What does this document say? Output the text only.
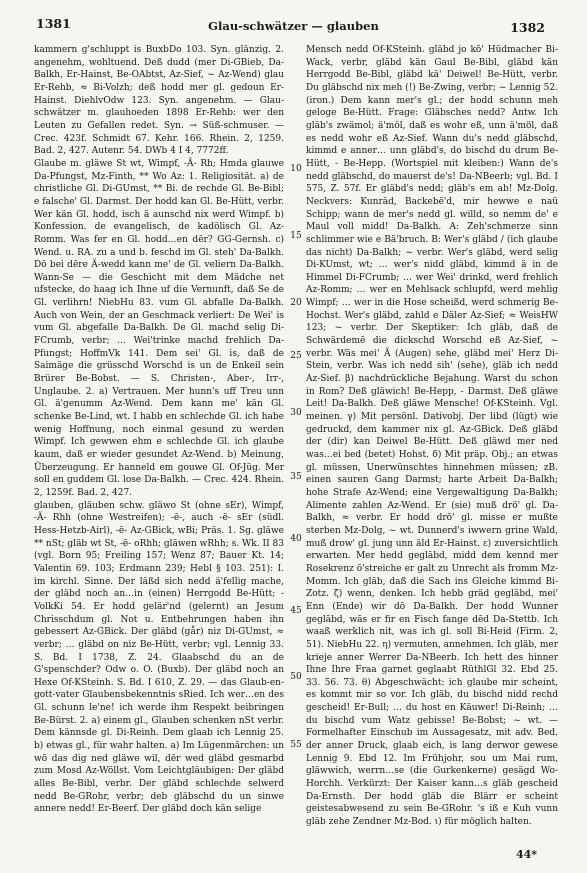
1381	Glau-schwätzer — glauben	1382

kammern g'schluppt is BuxbDo 103. Syn. glänzig. 2. angenehm, wohltuend. Deß dudd (mer Di-GBieb, Da-Balkh, Er-Hainst, Be-OAbtst, Az-Sief, ~ Az-Wend) glau Er-Rehb, ≈ Bi-Volzh; deß hodd mer gl. gedoun Er-Hainst. DiehlvOdw 123. Syn. angenehm. — Glau-schwätzer m. glauhoeden 1898 Er-Rehb: wer den Leuten zu Gefallen redet. Syn. → Süß-schmuser. — Crec. 423f. Schmidt 67. Kehr. 166. Rhein. 2, 1259. Bad. 2, 427. Autenr. 54. DWb 4 I 4, 7772ff.

Glaube m. gläwe St wt, Wimpf, -Ä- Rh; Hmda glauwe Da-Pfungst, Mz-Finth, ** Wo Az: 1. Religiosität. a) de christliche Gl. Di-GUmst, ** Bi. de rechde Gl. Be-Bibl; e falsche' Gl. Darmst. Der hodd kan Gl. Be-Hütt, verbr. Wer kän Gl. hodd, isch ä aunschd nix werd Wimpf. b) Konfession. de evangelisch, de kadölisch Gl. Az-Romm. Was fer en Gl. hodd…en dēr? GG-Gernsh. c) Wend. u. RA. zu a und b. feschd im Gl. steh' Da-Balkh. Dō bei dēre Ä-wedd kann me' de Gl. veliern Da-Balkh. Wann-Se — die Geschicht mit dem Mädche net ufstecke, do haag ich Ihne uf die Vernunft, daß Se de Gl. verlihrn! NiebHu 83. vum Gl. abfalle Da-Balkh. Auch von Wein, der an Geschmack verliert: De Wei' is vum Gl. abgefalle Da-Balkh. De Gl. machd selig Di-FCrumb, verbr; … Wei'trinke machd frehlich Da-Pfungst; HoffmVk 141. Dem sei' Gl. is, daß de Saimäge die grüsschd Worschd is un de Enkeil sein Brürer Be-Bobst. — S. Christen-, Aber-, Irr-, Unglaube. 2. a) Vertrauen. Mer hunn's uff Treu unn Gl. ä'genumm Az-Wend. Dem kann me' kän Gl. schenke Be-Lind, wt. I habb en schlechde Gl. ich habe wenig Hoffnung, noch einmal gesund zu werden Wimpf. Ich gewwen ehm e schlechde Gl. ich glaube kaum, daß er wieder gesundet Az-Wend. b) Meinung, Überzeugung. Er hanneld em gouwe Gl. Of-Jüg. Mer soll en guddem Gl. lose Da-Balkh. — Crec. 424. Rhein. 2, 1259f. Bad. 2, 427.

glauben, gläuben schw. gläwo St (ohne sEr), Wimpf, -Ä- Rhh (ohne Westreifen); -ē-, auch -ē- sEr (südl. Hess-Hetzb-Airl), -ē- Az-GBick, wBi; Präs. 1. Sg. gläwe ** nSt; gläb wt St, -ē- oRhh; gläwen wRhh; s. Wk. II 83 (vgl. Born 95; Freiling 157; Wenz 87; Bauer Kt. 14; Valentin 69. 103; Erdmann 239; Hebl § 103. 251): I. im kirchl. Sinne. Der läßd sich nedd ä'fellig mache, der gläbd noch an…in (einen) Herrgodd Be-Hütt; - VolkKi 54. Er hodd gelär'nd (gelernt) an Jesum Chrisschdum gl. Not u. Entbehrungen haben ihn gebessert Az-GBick. Der gläbd (går) niz Di-GUmst, ≈ verbr; … gläbd on niz Be-Hütt, verbr; vgl. Lennig 33. S. Bd. I 1738, Z. 24. Glaabschd du an de G'spenschder? Odw o. O. (Buxb). Der gläbd noch an Hexe Of-KSteinh. S. Bd. I 610, Z. 29. — das Glaub-en-gott-vater Glaubensbekenntnis sRied. Ich wer…en des Gl. schunn le'ne! ich werde ihm Respekt beibringen Be-Bürst. 2. a) einem gl., Glauben schenken nSt verbr. Dem kännsde gl. Di-Reinh. Dem glaab ich Lennig 25. b) etwas gl., für wahr halten. a) Im Lügenmärchen: un wō das dig ned gläwe wil, dēr wed gläbd gesmarbd zum Mosd Az-Wöllst. Vom Leichtgläubigen: Der gläbd alles Be-Bibl, verbr. Der gläbd schlechde selwerd nedd Be-GRohr, verbr; deb gläbschd du un sinwe annere nedd! Er-Beerf. Der gläbd doch kän selige

10
15
20
25
30
35
40
45
50
55

Mensch nedd Of-KSteinh. gläbd jo kō' Hüdmacher Bi-Wack, verbr, gläbd kän Gaul Be-Bibl, gläbd kän Herrgodd Be-Bibl, gläbd kä' Deiwel! Be-Hütt, verbr. Du gläbschd nix meh (!) Be-Zwing, verbr; ~ Lennig 52. (iron.) Dem kann mer's gl.; der hodd schunn meh geloge Be-Hütt. Frage: Gläbsches nedd? Antw. Ich gläb's zwämol; ä'möl, daß es wohr eß, unn ä'möl, daß es nedd wohr eß Az-Sief. Wann du's nedd gläbschd, kimmd e anner… unn gläbd's, do bischd du drum Be-Hütt, - Be-Hepp. (Wortspiel mit kleiben:) Wann de's nedd gläbschd, do mauerst de's! Da-NBeerb; vgl. Bd. I 575, Z. 57f. Er gläbd's nedd; gläb's em ab! Mz-Dolg. Neckvers: Kunrād, Backebē'd, mir hewwe e naū Schipp; wann de mer's nedd gl. willd, so nemm de' e Maul voll midd! Da-Balkh. A: Zeh'schmerze sinn schlimmer wie e Bä'bruch. B: Wer's gläbd / (ich glaube das nicht) Da-Balkh; ~ verbr. Wer's gläbd, werd selig Di-KUmst, wt; … wer's nidd gläbd, kimmd ä in de Himmel Di-FCrumb; … wer Wei' drinkd, werd frehlich Az-Romm; … wer en Mehlsack schlupfd, werd mehlig Wimpf; … wer in die Hose scheißd, werd schmerig Be-Hochst. Wer's gläbd, zahld e Däler Az-Sief; ≈ WeisHW 123; ~ verbr. Der Skeptiker: Ich gläb, daß de Schwärdemē die dickschd Worschd eß Az-Sief, ~ verbr. Wäs mei' Ä (Augen) sehe, gläbd mei' Herz Di-Stein, verbr. Was ich nedd sih' (sehe), gläb ich nedd Az-Sief. β) nachdrückliche Bejahung. Warst du schon in Rom? Deß gläwich! Be-Hepp, - Darmst. Deß gläwe Leit! Da-Balkh. Deß gläwe Mensche! Of-KSteinh. Vgl. meinen. γ) Mit persönl. Dativobj. Der libd (lügt) wie gedruckd, dem kammer nix gl. Az-GBick. Deß gläbd der (dir) kan Deiwel Be-Hütt. Deß gläwd mer ned was…ei bed (betet) Hohst. δ) Mit präp. Obj.; an etwas gl. müssen, Unerwünschtes hinnehmen müssen; zB. einen sauren Gang Darmst; harte Arbeit Da-Balkh; hohe Strafe Az-Wend; eine Vergewaltigung Da-Balkh; Alimente zahlen Az-Wend. Er (sie) muß drö' gl. Da-Balkh, ≈ verbr. Er hodd drō' gl. misse er mußte sterben Mz-Dolg, ~ wt. Dunnerd's iwwern grine Wald, muß drow' gl. jung unn äld Er-Hainst. ε) zuversichtlich erwarten. Mer hedd geglābd, midd dem kennd mer Rosekrenz ō'streiche er galt zu Unrecht als fromm Mz-Momm. Ich gläb, daß die Sach ins Gleiche kimmd Bi-Zotz. ζ) wenn, denken. Ich hebb gräd geglābd, mei' Enn (Ende) wir dō Da-Balkh. Der hodd Wunner geglābd, wās er fir en Fisch fange dēd Da-Stettb. Ich waaß werklich nit, was ich gl. soll Bi-Heid (Firm. 2, 51). NiebHu 22. η) vermuten, annehmen. Ich gläb, mer krieje anner Werrer Da-NBeerb. Ich hett des hinner Ihne Ihre Fraa garnet geglaabt RüthlGl 32. Ebd 25. 33. 56. 73. θ) Abgeschwächt: ich glaube mir scheint, es kommt mir so vor. Ich gläb, du bischd nidd rechd gescheid! Er-Bull; … du host en Käuwer! Di-Reinh; … du bischd vum Watz gebisse! Be-Bobst; ~ wt. — Formelhafter Einschub im Aussagesatz, mit adv. Bed. der anner Druck, glaab eich, is lang derwor gewese Lennig 9. Ebd 12. Im Frühjohr, sou um Mai rum, gläwwich, werrn…se (die Gurkenkerne) gesägd Wo-Horchh. Verkürzt: Der Kaiser kann…s gläb gescheid Da-Ernsth. Der hodd gläb die Blärr er scheint geistesabwesend zu sein Be-GRohr. 's iß e Kuh vunn gläb zehe Zendner Mz-Bod. ι) für möglich halten.

44*
